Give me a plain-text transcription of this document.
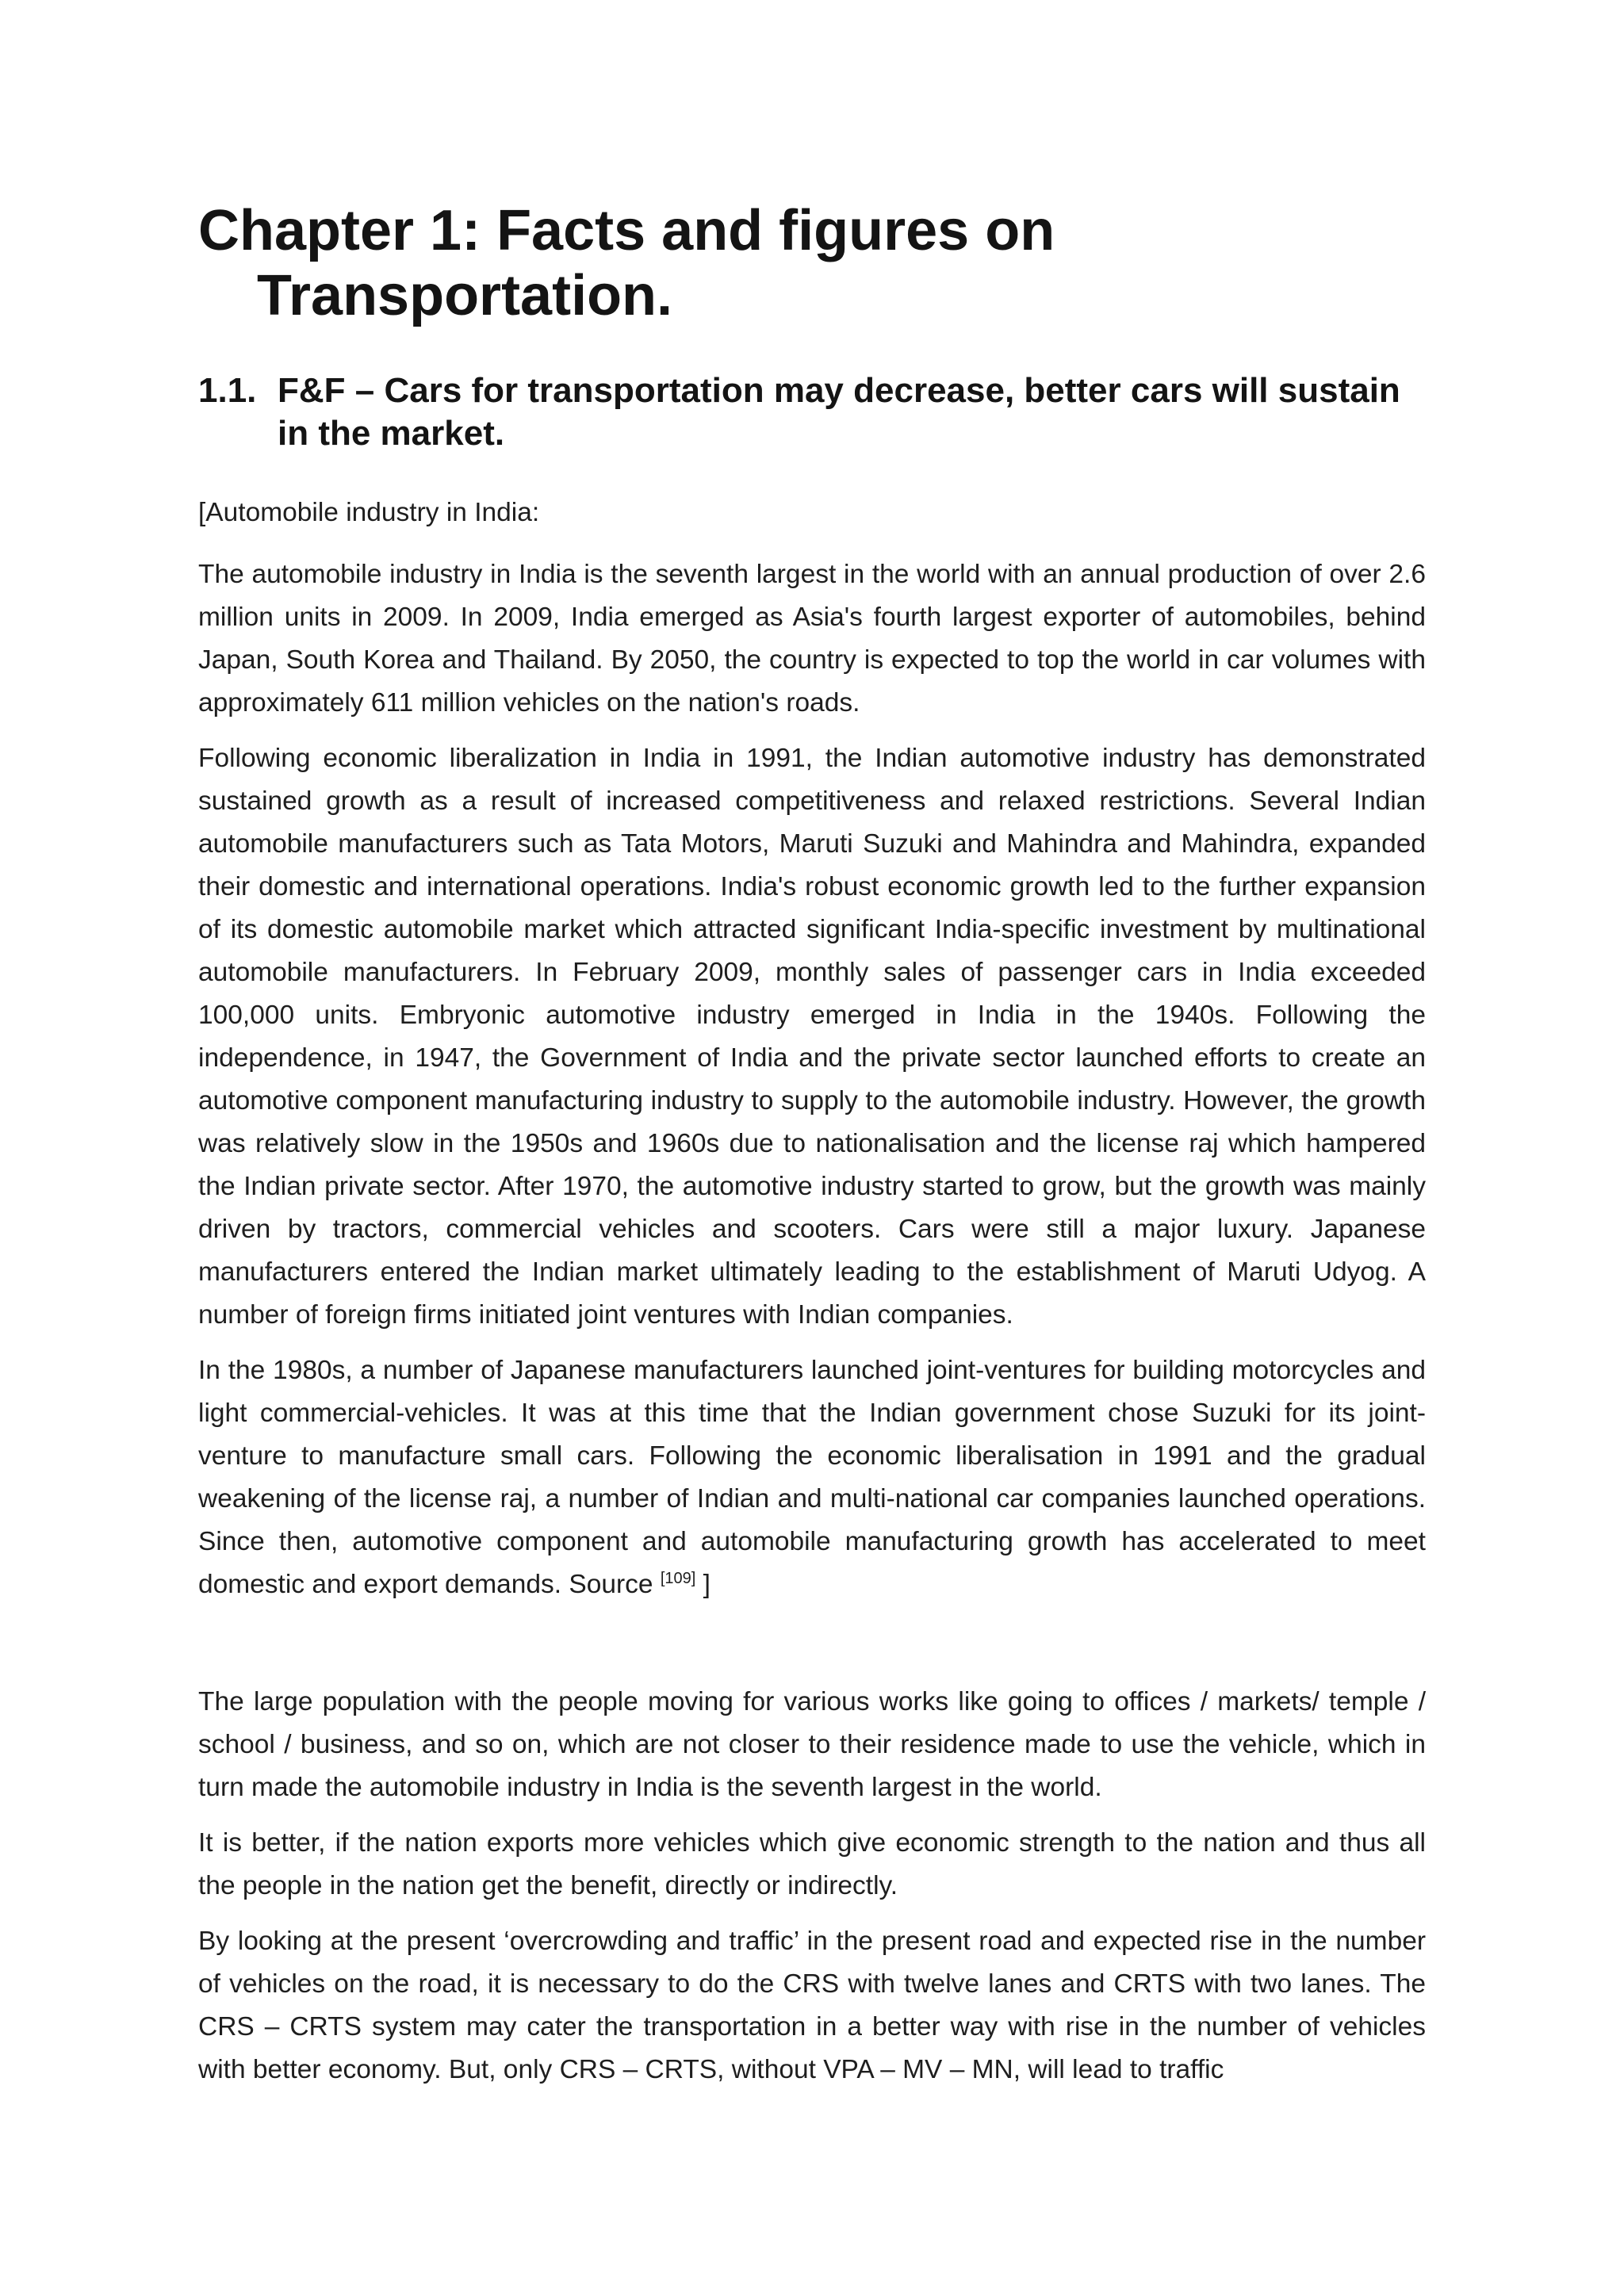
Chapter 1: Facts and figures on
Transportation.
1.1. F&F – Cars for transportation may decrease, better cars will sustain in the market.

[Automobile industry in India:

The automobile industry in India is the seventh largest in the world with an annual production of over 2.6 million units in 2009. In 2009, India emerged as Asia's fourth largest exporter of automobiles, behind Japan, South Korea and Thailand. By 2050, the country is expected to top the world in car volumes with approximately 611 million vehicles on the nation's roads.

Following economic liberalization in India in 1991, the Indian automotive industry has demonstrated sustained growth as a result of increased competitiveness and relaxed restrictions. Several Indian automobile manufacturers such as Tata Motors, Maruti Suzuki and Mahindra and Mahindra, expanded their domestic and international operations. India's robust economic growth led to the further expansion of its domestic automobile market which attracted significant India-specific investment by multinational automobile manufacturers. In February 2009, monthly sales of passenger cars in India exceeded 100,000 units. Embryonic automotive industry emerged in India in the 1940s. Following the independence, in 1947, the Government of India and the private sector launched efforts to create an automotive component manufacturing industry to supply to the automobile industry. However, the growth was relatively slow in the 1950s and 1960s due to nationalisation and the license raj which hampered the Indian private sector. After 1970, the automotive industry started to grow, but the growth was mainly driven by tractors, commercial vehicles and scooters. Cars were still a major luxury. Japanese manufacturers entered the Indian market ultimately leading to the establishment of Maruti Udyog. A number of foreign firms initiated joint ventures with Indian companies.

In the 1980s, a number of Japanese manufacturers launched joint-ventures for building motorcycles and light commercial-vehicles. It was at this time that the Indian government chose Suzuki for its joint-venture to manufacture small cars. Following the economic liberalisation in 1991 and the gradual weakening of the license raj, a number of Indian and multi-national car companies launched operations. Since then, automotive component and automobile manufacturing growth has accelerated to meet domestic and export demands. Source [109] ]

The large population with the people moving for various works like going to offices / markets/ temple / school / business, and so on, which are not closer to their residence made to use the vehicle, which in turn made the automobile industry in India is the seventh largest in the world.

It is better, if the nation exports more vehicles which give economic strength to the nation and thus all the people in the nation get the benefit, directly or indirectly.

By looking at the present ‘overcrowding and traffic’ in the present road and expected rise in the number of vehicles on the road, it is necessary to do the CRS with twelve lanes and CRTS with two lanes. The CRS – CRTS system may cater the transportation in a better way with rise in the number of vehicles with better economy. But, only CRS – CRTS, without VPA – MV – MN, will lead to traffic
